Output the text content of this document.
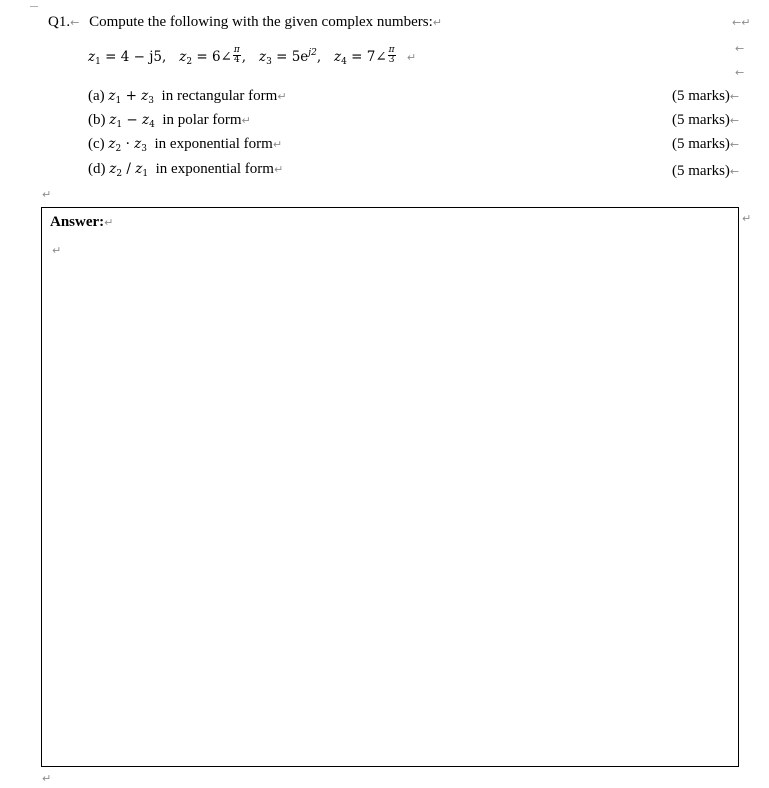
Q1.← Compute the following with the given complex numbers:↵	←↵
$z_1 = 4 - j5$, $z_2$ = 6∠ $\frac{\pi}{4}$ , $z_3 = 5e^{j2}$, $z_4$ = 7∠ $\frac{\pi}{3}$ ↵
←
←
(a) $z_1 + z_3$ in rectangular form↵	(5 marks)←
(b) $z_1 - z_4$ in polar form↵	(5 marks)←
(c) $z_2 \cdot z_3$ in exponential form↵	(5 marks)←
(d) $z_2 / z_1$ in exponential form↵	(5 marks)←
↵
Answer:↵
↵
↵
↵
